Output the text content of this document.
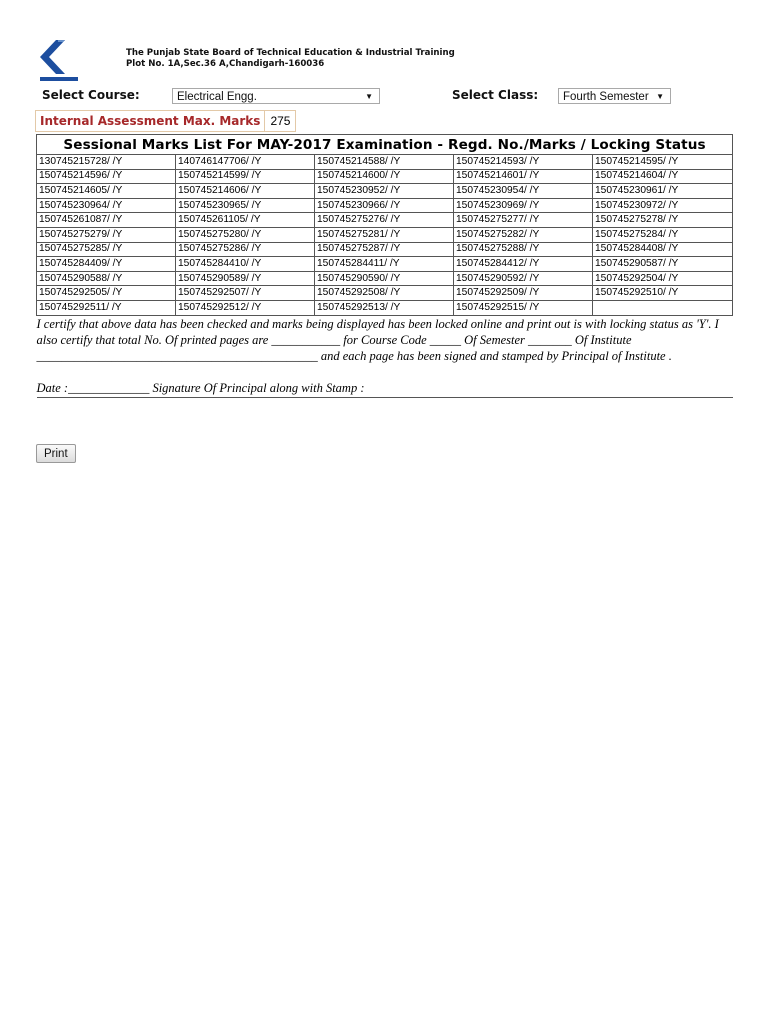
The Punjab State Board of Technical Education & Industrial Training
Plot No. 1A,Sec.36 A,Chandigarh-160036
Select Course:	Electrical Engg.	▼	Select Class:	Fourth Semester ▼
Internal Assessment Max. Marks 275
Sessional Marks List For MAY-2017 Examination - Regd. No./Marks / Locking Status				
130745215728/ /Y	140746147706/ /Y	150745214588/ /Y	150745214593/ /Y	150745214595/ /Y
150745214596/ /Y	150745214599/ /Y	150745214600/ /Y	150745214601/ /Y	150745214604/ /Y
150745214605/ /Y	150745214606/ /Y	150745230952/ /Y	150745230954/ /Y	150745230961/ /Y
150745230964/ /Y	150745230965/ /Y	150745230966/ /Y	150745230969/ /Y	150745230972/ /Y
150745261087/ /Y	150745261105/ /Y	150745275276/ /Y	150745275277/ /Y	150745275278/ /Y
150745275279/ /Y	150745275280/ /Y	150745275281/ /Y	150745275282/ /Y	150745275284/ /Y
150745275285/ /Y	150745275286/ /Y	150745275287/ /Y	150745275288/ /Y	150745284408/ /Y
150745284409/ /Y	150745284410/ /Y	150745284411/ /Y	150745284412/ /Y	150745290587/ /Y
150745290588/ /Y	150745290589/ /Y	150745290590/ /Y	150745290592/ /Y	150745292504/ /Y
150745292505/ /Y	150745292507/ /Y	150745292508/ /Y	150745292509/ /Y	150745292510/ /Y
150745292511/ /Y	150745292512/ /Y	150745292513/ /Y	150745292515/ /Y	

I certify that above data has been checked and marks being displayed has been locked online and print out is with locking status as 'Y'. I also certify that total No. Of printed pages are ___________ for Course Code _____ Of Semester _______ Of Institute _____________________________________________ and each page has been signed and stamped by Principal of Institute .

Date :_____________ Signature Of Principal along with Stamp :				

Print
